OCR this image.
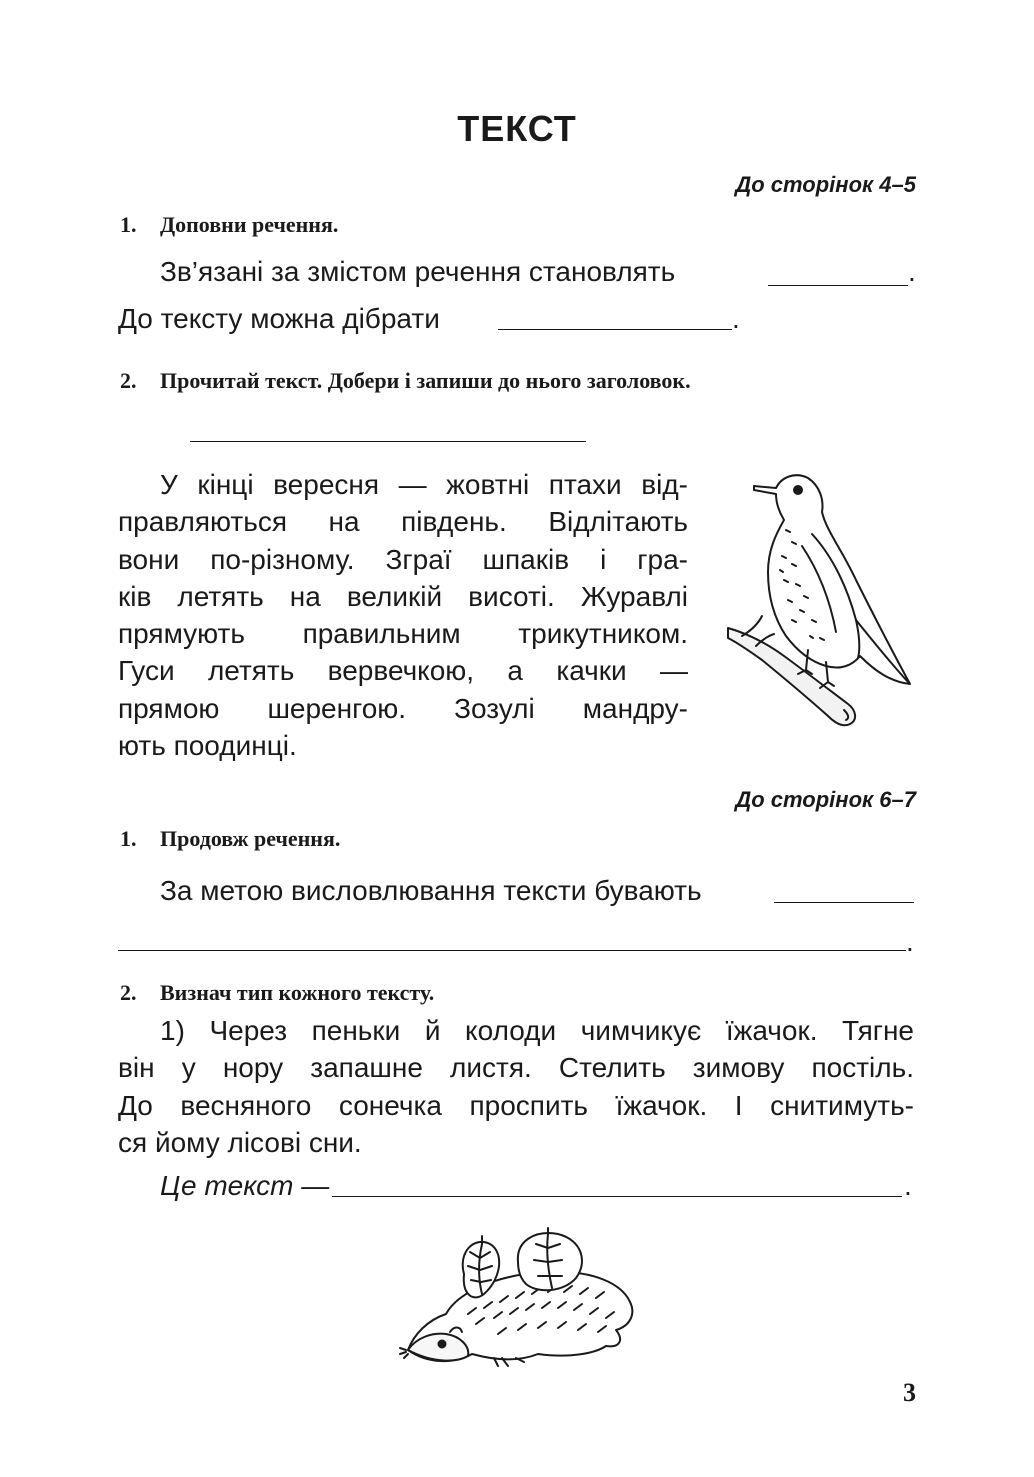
ТЕКСТ
До сторінок 4–5
1. Доповни речення.
Зв’язані за змістом речення становлять	.
До тексту можна дібрати	.
2. Прочитай текст. Добери і запиши до нього заголовок.
У кінці вересня — жовтні птахи від-
правляються на південь. Відлітають
вони по-різному. Зграї шпаків і гра-
ків летять на великій висоті. Журавлі
прямують правильним трикутником.
Гуси летять вервечкою, а качки —
прямою шеренгою. Зозулі мандру-
ють поодинці.
До сторінок 6–7
1. Продовж речення.
За метою висловлювання тексти бувають
.
2. Визнач тип кожного тексту.
1) Через пеньки й колоди чимчикує їжачок. Тягне
він у нору запашне листя. Стелить зимову постіль.
До весняного сонечка проспить їжачок. І снитимуть-
ся йому лісові сни.
Це текст —	.
3
